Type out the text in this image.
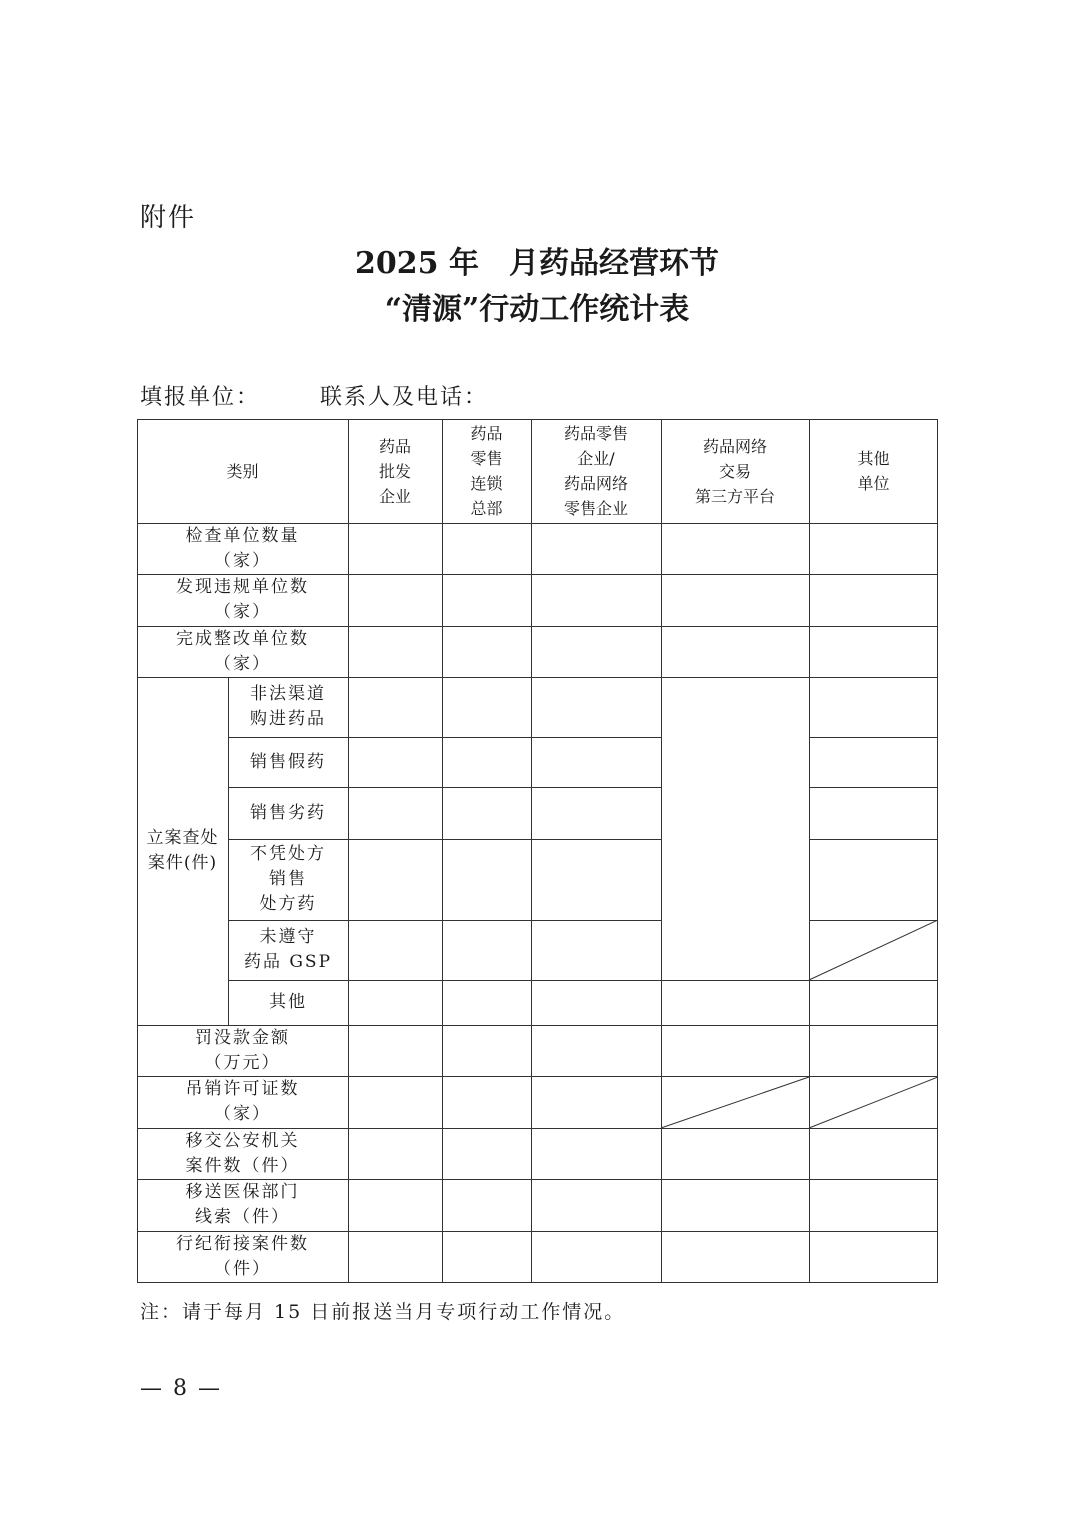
附件
2025 年　月药品经营环节
“清源”行动工作统计表
填报单位：	联系人及电话：
类别
药品
批发
企业
药品
零售
连锁
总部
药品零售
企业/
药品网络
零售企业
药品网络
交易
第三方平台
其他
单位
检查单位数量
（家）
发现违规单位数
（家）
完成整改单位数
（家）
立案查处
案件(件)
非法渠道
购进药品
销售假药
销售劣药
不凭处方
销售
处方药
未遵守
药品 GSP
其他
罚没款金额
（万元）
吊销许可证数
（家）
移交公安机关
案件数（件）
移送医保部门
线索（件）
行纪衔接案件数
（件）
注：请于每月 15 日前报送当月专项行动工作情况。
— 8 —
